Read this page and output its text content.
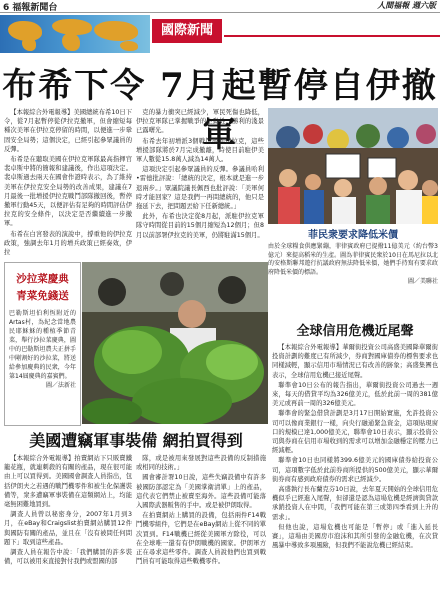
6 福報新聞台	人間福報 週六版
國際新聞
布希下令 7月起暫停自伊撤軍

【本報綜合外電報導】美國總統布希10日下令，從7月起暫停從伊拉克撤軍，但會縮短每種次美軍在伊拉克停留的時間，以便進一步鞏固安全局勢；這個決定，已經引起參眾議員的反彈。

布希是在聽取美國在伊拉克軍隊最高指揮官裴卓斯中將的簡報和建議後，作出這項決定。裴卓斯過去兩天在國會作證時表示，為了維持美軍在伊拉克安全局勢的改善成果，建議在7月最後一批增援伊拉克戰鬥部隊撤回後，暫停撤軍行動45天，以便評估有足夠的時間評估伊拉克的安全條件，以決定是否繼續進一步撤軍。

布希在白宮發表的演說中，撐重他的伊拉克政策，強調去年1月的增兵政策已經奏效，伊拉

克的暴力衝突已經減少，軍民死傷也降低，伊拉克軍隊已掌握戰爭的主動性，勝利的淺景已露曙光。

布希去年初增派3個戰鬥旅到伊拉克，這些增援部隊將於7月完成撤離，時使目前駐伊美軍人數從15.8萬人減為14萬人。

這項決定引起參眾議員的反彈。參議員哈利•雷德批評說：「總統的決定，根本就是進一步退兩步。」眾議院議長佩西也批評說：「美軍何時才能回家？這是我們一再問總統的，他只是拖延下去，把問題丟給下任新總統。」

此外，布希也決定從8月起，派駐伊拉克軍隊守時間從目前的15個月縮短為12個月；但8月以前部署伊拉克的美軍，仍將駐滿15個月。	菲民衆要求降低米價
由於全球糧食供應緊繃，菲律賓政府已提撥11億美元（約台幣3億元）來提高稻米的生產。圖為菲律賓民衆於10日在馬尼拉以北的安格斯聯邦遊行抗議政府無法降低米價，她們手持寫有要求政府降低米價的標語。
圖／美聯社
沙拉菜慶典
青菜免錢送
巴勒斯坦伯利恆附近的Artas村，為紀念當地農民耶穌穌的種植季節青菜，舉行沙拉菜慶典，圖中的巴勒斯坦農夫正拼手中剛割好的沙拉菜，將送給參加慶典的民衆，今年第14屆慶典的嘉賓們。
圖／法新社
全球信用危機近尾聲

【本報綜合外電報導】華爾街投資公司高盛美國降華爾街投資計劃的難度已有所減少，券商對國庫債券的標售要求也同樣減輕，顯示信用市場情況已有改善的跡象；高盛集團也表示，全球信用危機已接近尾聲。

聯準會10日公布的報告指出，華爾街投資公司過去一週來，每天的借貸平均為326億美元，低於此前一周的381億美元或再前一周的326億美元。

聯準會的緊急借貸計劃是3月17日開始實施，允許投資公司可以像商業銀行一樣，向央行融通緊急資金，這項貼現窗口的規模已達1,000億美元，聯準會10日表示，顯示投資公司與券商在信用市場收到的需求可以增加金融穩定的壓力已經減輕。

聯準會10日也同樣將399.6億美元的國庫債券給投資公司，這項數字低於此前券商所提供的500億美元，顯示華爾街券商有感到政府債券的需求已經減少。

高盛執行長布蘭克芬10日說，去年夏天開始的全球信用危機似乎已經進入尾聲，但卻還是認為這場危機是經濟與貸款承銷投資人在中間，「我們可能在第三或第四季看到上升的需求」。

但他也說，這場危機也可能是「暫停」或「進入延長賽」，這場由美國房市泡沫和其所引發的金融危機，在次貸風暴中導致多項風險，但我們不能說危機已經結束。

美國遭竊軍事裝備 網拍買得到

【本報綜合外電報導】拍賣網站下只販賣鐵籠花瓶，就連刺殺的有關的產品，現在很可能由上可以買得到。美國國會調查人員指出，包括伊朗夫之若遇的戰鬥機零件和被生化保護裝備等，衆多遭竊軍事裝備在這類網站上，均能毫無困難地買到。

調查人員曾以秘密身分，2007年1月到3月，在eBay和Craigslist拍賣網站購買12件與國防有關的產品，並且在「沒有被問任何問題下」取到這些產品。

調查人員在報告中說：「我們購買的許多裝備，可以被用來直接對付我們或盟國的部

隊，或是被用來發展對這些設備的反制措施或相同的技術。」

國會審計署10日說，這些失竊設備中有許多被國防部認定為「美國掌衛清單」上的產品，這代表它們禁止被賣至海外。這些設備可能落入國際武器販售的手中。或是被伊朗取得。

在拍賣網站上購買的設備，包括兩件F14戰鬥機零組件，它們是在eBay網站上從不同的單次買到。F14戰機已經從美國軍方除役，可以在全球唯一還有有伊朗戰機的國家。伊朗軍方正在尋求這些零件。調查人員說他們也買到戰鬥員有可能取得這些戰機零件。
